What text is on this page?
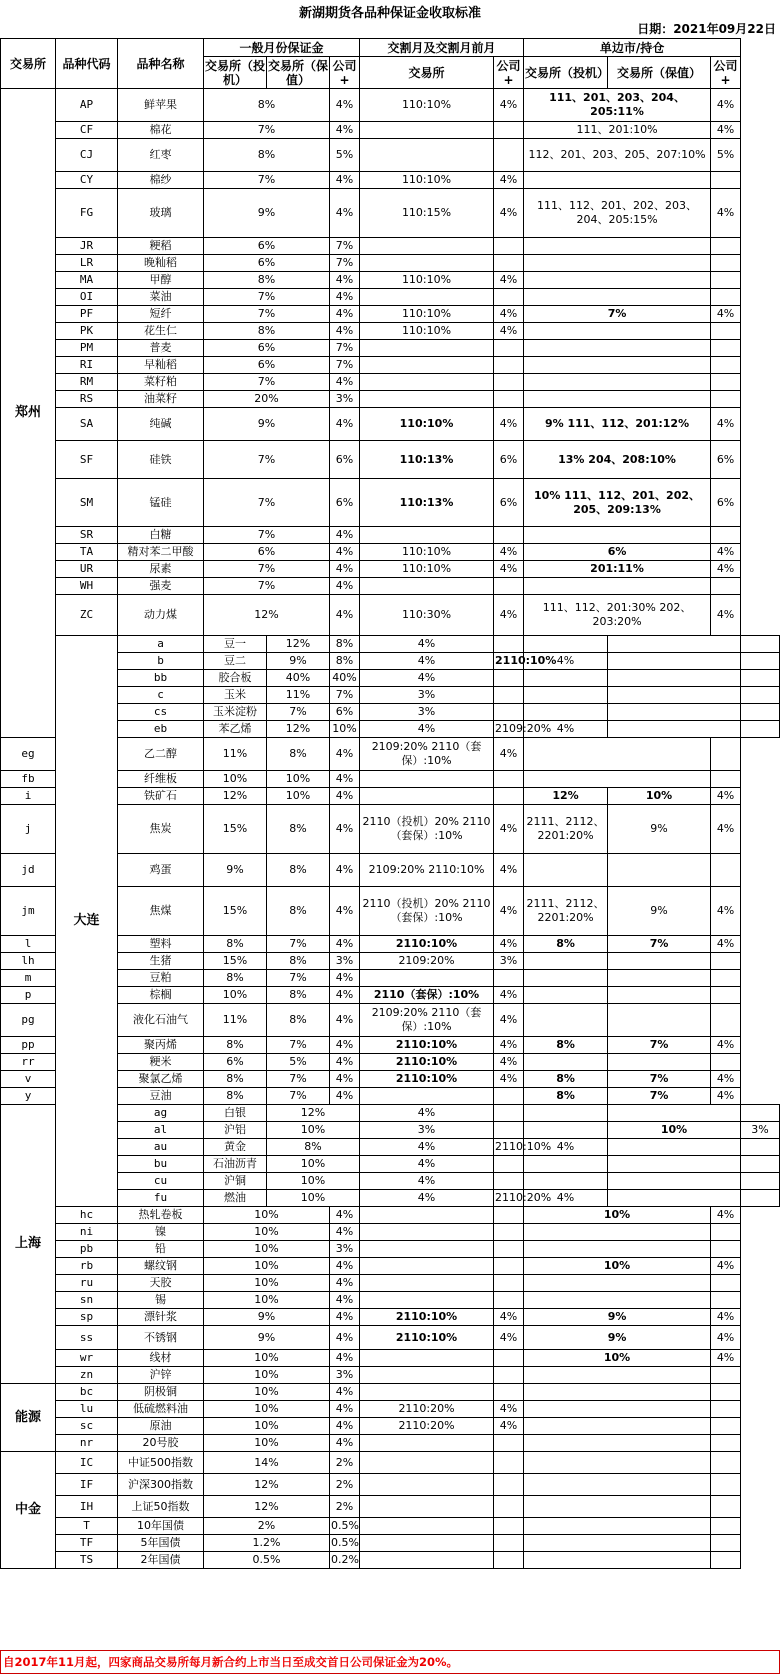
新湖期货各品种保证金收取标准
日期：2021年09月22日
交易所	品种代码	品种名称	一般月份保证金			交割月及交割月前月		单边市/持仓			
			交易所（投机）	交易所（保值）	公司+	交易所	公司+	交易所（投机）	交易所（保值）	公司+	
郑州	AP	鲜苹果	8%		4%	110:10%	4%	111、201、203、204、205:11%		4%	
	CF	棉花	7%		4%			111、201:10%		4%	
	CJ	红枣	8%		5%			112、201、203、205、207:10%		5%	
	CY	棉纱	7%		4%	110:10%	4%				
	FG	玻璃	9%		4%	110:15%	4%	111、112、201、202、203、204、205:15%		4%	
	JR	粳稻	6%		7%						
	LR	晚籼稻	6%		7%						
	MA	甲醇	8%		4%	110:10%	4%				
	OI	菜油	7%		4%						
	PF	短纤	7%		4%	110:10%	4%	7%		4%	
	PK	花生仁	8%		4%	110:10%	4%				
	PM	普麦	6%		7%						
	RI	早籼稻	6%		7%						
	RM	菜籽粕	7%		4%						
	RS	油菜籽	20%		3%						
	SA	纯碱	9%		4%	110:10%	4%	9% 111、112、201:12%		4%	
	SF	硅铁	7%		6%	110:13%	6%	13% 204、208:10%		6%	
	SM	锰硅	7%		6%	110:13%	6%	10% 111、112、201、202、205、209:13%		6%	
	SR	白糖	7%		4%						
	TA	精对苯二甲酸	6%		4%	110:10%	4%	6%		4%	
	UR	尿素	7%		4%	110:10%	4%	201:11%		4%	
	WH	强麦	7%		4%						
	ZC	动力煤	12%		4%	110:30%	4%	111、112、201:30% 202、203:20%		4%	
	大连	a	豆一	12%	8%	4%					
		b	豆二	9%	8%	4%	2110:10%	4%			
		bb	胶合板	40%	40%	4%					
		c	玉米	11%	7%	3%					
		cs	玉米淀粉	7%	6%	3%					
		eb	苯乙烯	12%	10%	4%	2109:20%	4%			
eg		乙二醇	11%	8%	4%	2109:20% 2110（套保）:10%	4%				
fb		纤维板	10%	10%	4%						
i		铁矿石	12%	10%	4%			12%	10%	4%	
j		焦炭	15%	8%	4%	2110（投机）20% 2110（套保）:10%	4%	2111、2112、2201:20%	9%	4%	
jd		鸡蛋	9%	8%	4%	2109:20% 2110:10%	4%				
jm		焦煤	15%	8%	4%	2110（投机）20% 2110（套保）:10%	4%	2111、2112、2201:20%	9%	4%	
l		塑料	8%	7%	4%	2110:10%	4%	8%	7%	4%	
lh		生猪	15%	8%	3%	2109:20%	3%				
m		豆粕	8%	7%	4%						
p		棕榈	10%	8%	4%	2110（套保）:10%	4%				
pg		液化石油气	11%	8%	4%	2109:20% 2110（套保）:10%	4%				
pp		聚丙烯	8%	7%	4%	2110:10%	4%	8%	7%	4%	
rr		粳米	6%	5%	4%	2110:10%	4%				
v		聚氯乙烯	8%	7%	4%	2110:10%	4%	8%	7%	4%	
y		豆油	8%	7%	4%			8%	7%	4%	
上海		ag	白银	12%		4%					
		al	沪铝	10%		3%			10%		3%
		au	黄金	8%		4%	2110:10%	4%			
		bu	石油沥青	10%		4%					
		cu	沪铜	10%		4%					
		fu	燃油	10%		4%	2110:20%	4%			
	hc	热轧卷板	10%		4%			10%		4%	
	ni	镍	10%		4%						
	pb	铅	10%		3%						
	rb	螺纹钢	10%		4%			10%		4%	
	ru	天胶	10%		4%						
	sn	锡	10%		4%						
	sp	漂针浆	9%		4%	2110:10%	4%	9%		4%	
	ss	不锈钢	9%		4%	2110:10%	4%	9%		4%	
	wr	线材	10%		4%			10%		4%	
	zn	沪锌	10%		3%						
能源	bc	阴极铜	10%		4%						
	lu	低硫燃料油	10%		4%	2110:20%	4%				
	sc	原油	10%		4%	2110:20%	4%				
	nr	20号胶	10%		4%						
中金	IC	中证500指数	14%		2%						
	IF	沪深300指数	12%		2%						
	IH	上证50指数	12%		2%						
	T	10年国债	2%		0.5%						
	TF	5年国债	1.2%		0.5%						
	TS	2年国债	0.5%		0.2%						
自2017年11月起，四家商品交易所每月新合约上市当日至成交首日公司保证金为20%。
